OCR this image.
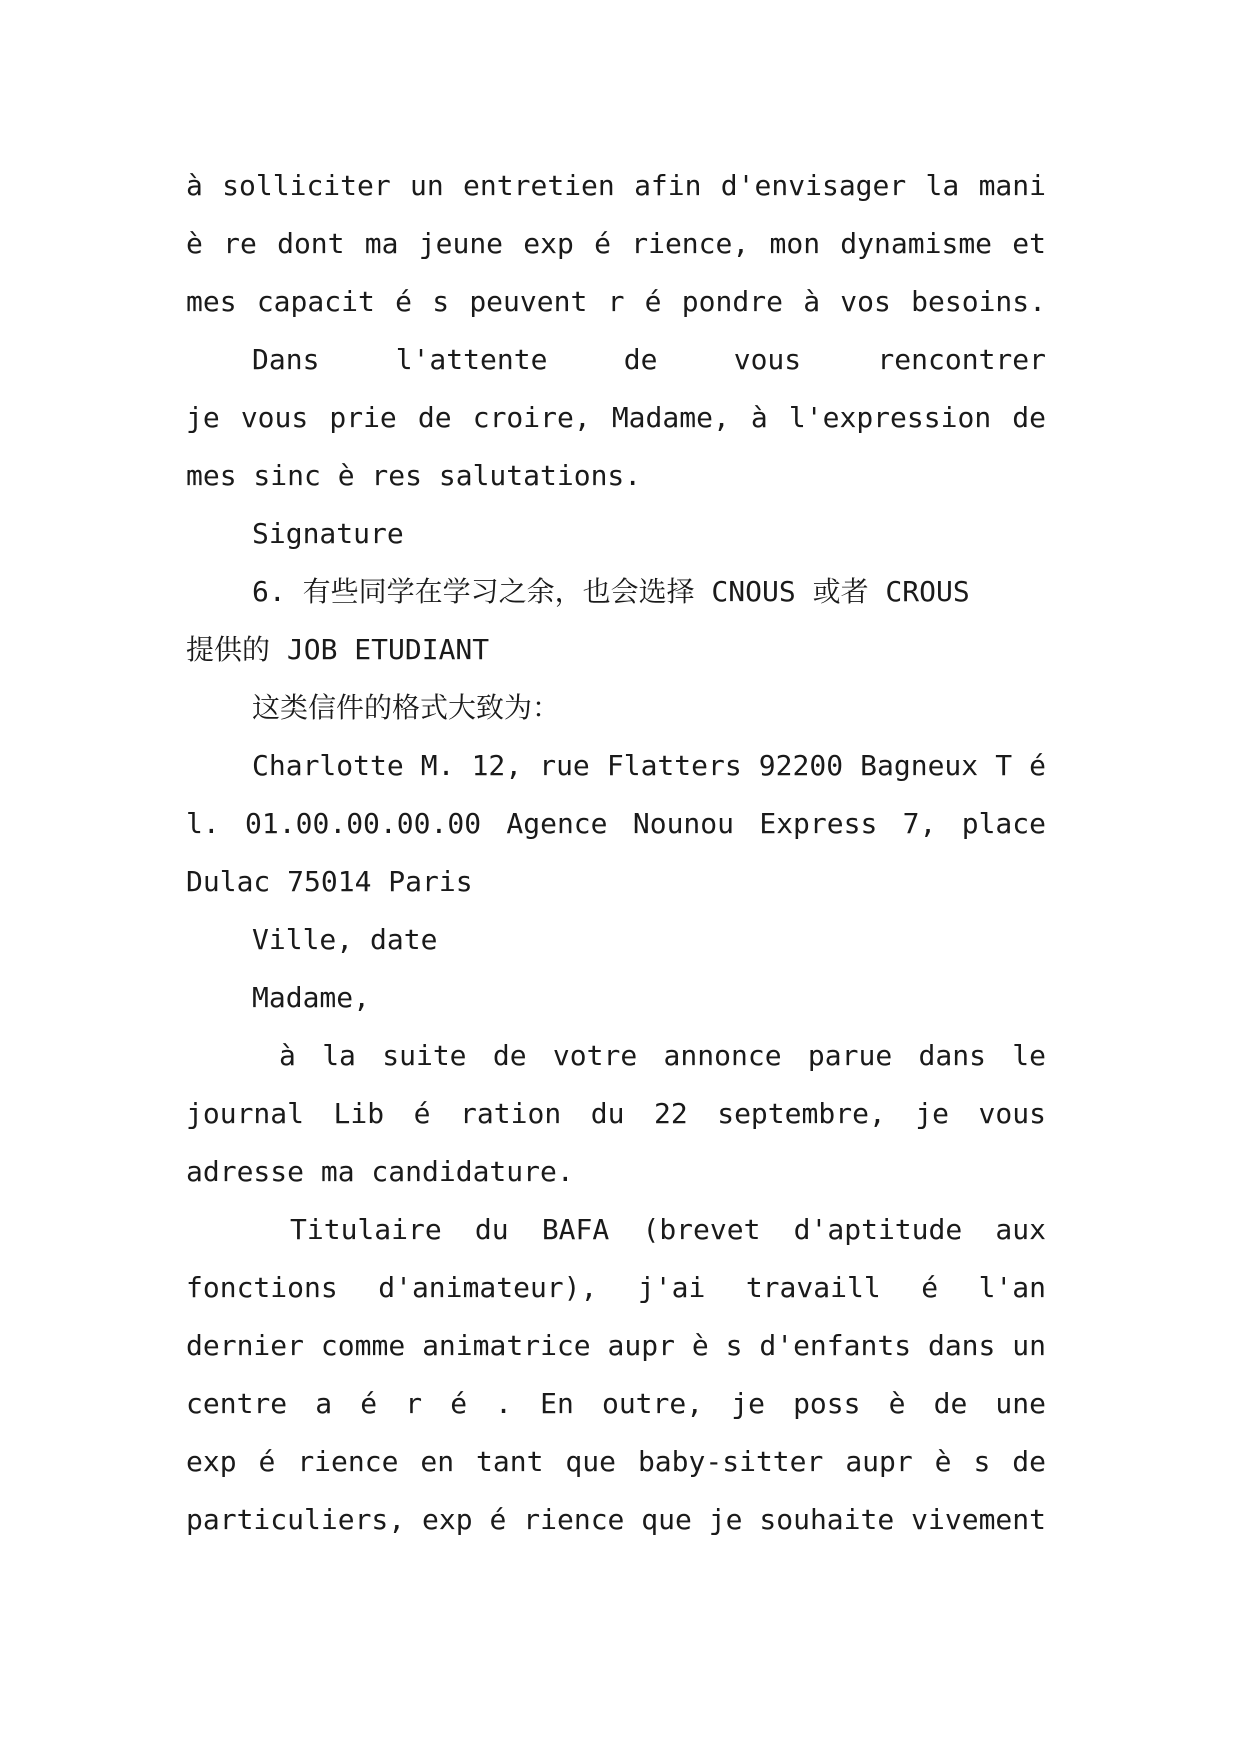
à solliciter un entretien afin d'envisager la mani
è re dont ma jeune exp é rience, mon dynamisme et
mes capacit é s peuvent r é pondre à vos besoins.
Dans l'attente de vous rencontrer
je vous prie de croire, Madame, à l'expression de
mes sinc è res salutations.
Signature
6. 有些同学在学习之余，也会选择 CNOUS 或者 CROUS
提供的 JOB ETUDIANT
这类信件的格式大致为：
Charlotte M. 12, rue Flatters 92200 Bagneux T é
l. 01.00.00.00.00 Agence Nounou Express 7, place
Dulac 75014 Paris
Ville, date
Madame,
à la suite de votre annonce parue dans le
journal Lib é ration du 22 septembre, je vous
adresse ma candidature.
Titulaire du BAFA (brevet d'aptitude aux
fonctions d'animateur), j'ai travaill é l'an
dernier comme animatrice aupr è s d'enfants dans un
centre a é r é . En outre, je poss è de une
exp é rience en tant que baby-sitter aupr è s de
particuliers, exp é rience que je souhaite vivement
